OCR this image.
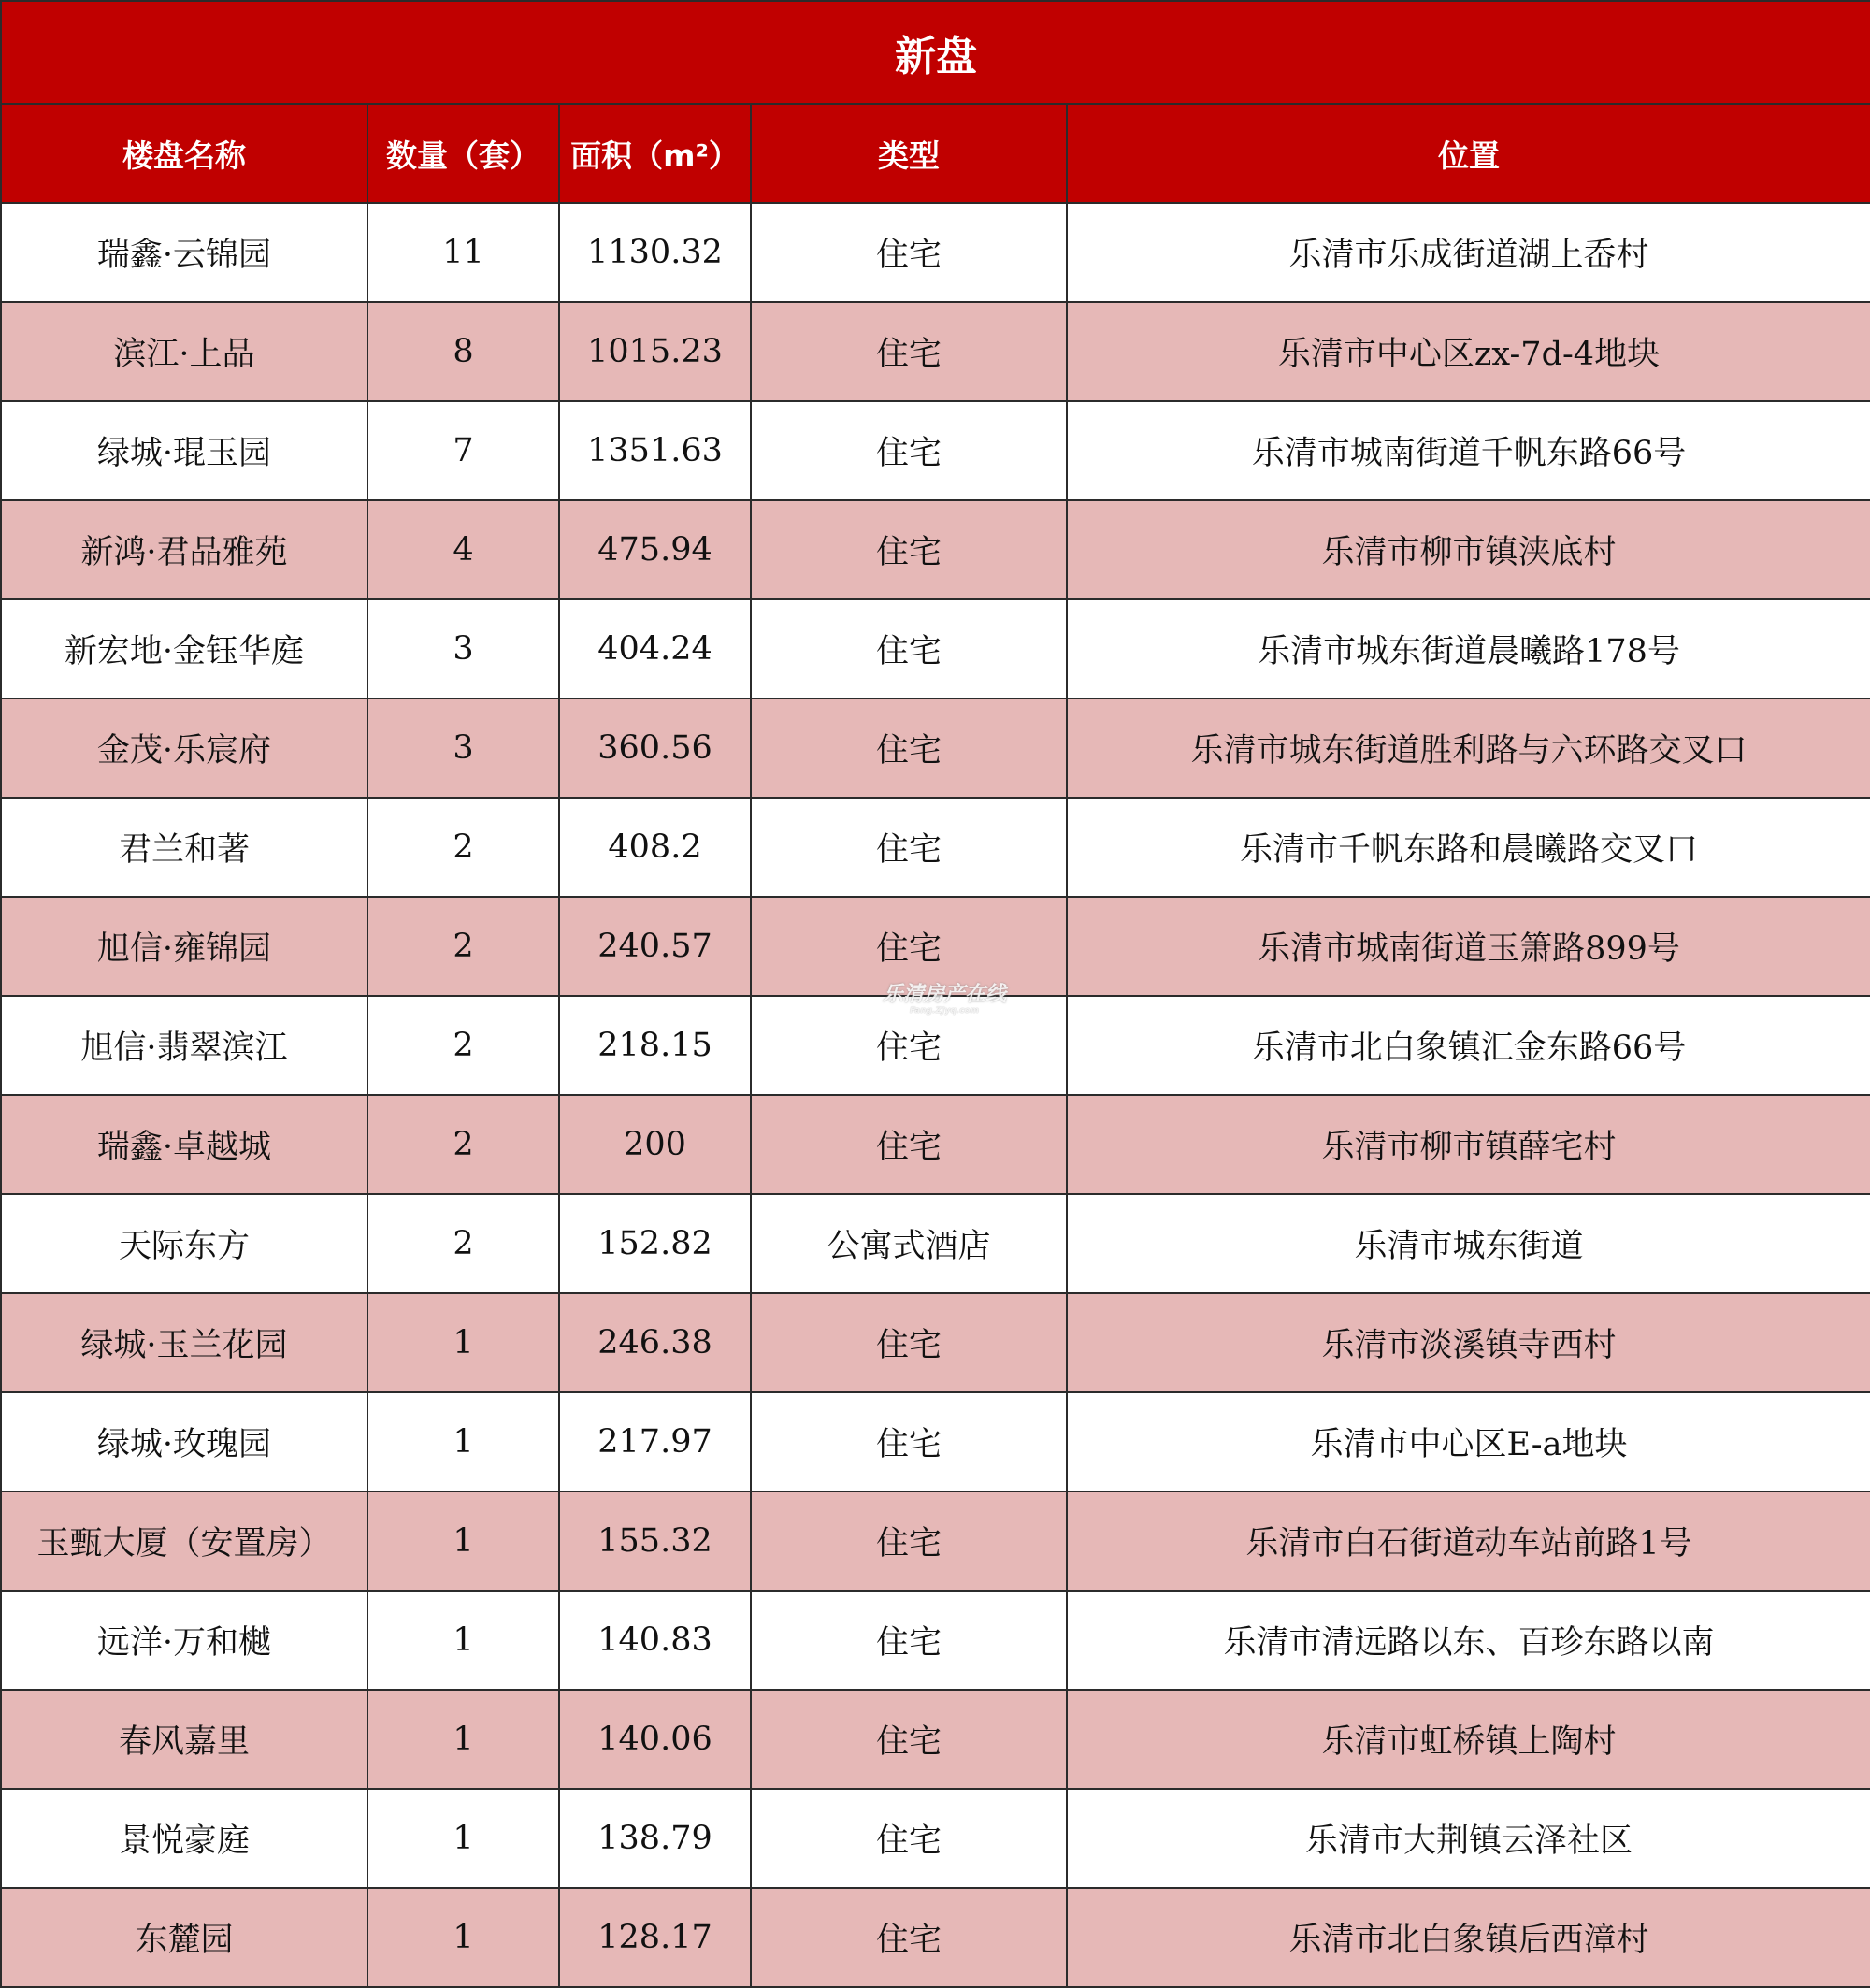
新盘				
楼盘名称	数量（套）	面积（m²）	类型	位置
瑞鑫·云锦园	11	1130.32	住宅	乐清市乐成街道湖上岙村
滨江·上品	8	1015.23	住宅	乐清市中心区zx-7d-4地块
绿城·琨玉园	7	1351.63	住宅	乐清市城南街道千帆东路66号
新鸿·君品雅苑	4	475.94	住宅	乐清市柳市镇浃底村
新宏地·金钰华庭	3	404.24	住宅	乐清市城东街道晨曦路178号
金茂·乐宸府	3	360.56	住宅	乐清市城东街道胜利路与六环路交叉口
君兰和著	2	408.2	住宅	乐清市千帆东路和晨曦路交叉口
旭信·雍锦园	2	240.57	住宅	乐清市城南街道玉箫路899号
旭信·翡翠滨江	2	218.15	住宅	乐清市北白象镇汇金东路66号
瑞鑫·卓越城	2	200	住宅	乐清市柳市镇薛宅村
天际东方	2	152.82	公寓式酒店	乐清市城东街道
绿城·玉兰花园	1	246.38	住宅	乐清市淡溪镇寺西村
绿城·玫瑰园	1	217.97	住宅	乐清市中心区E-a地块
玉甄大厦（安置房）	1	155.32	住宅	乐清市白石街道动车站前路1号
远洋·万和樾	1	140.83	住宅	乐清市清远路以东、百珍东路以南
春风嘉里	1	140.06	住宅	乐清市虹桥镇上陶村
景悦豪庭	1	138.79	住宅	乐清市大荆镇云泽社区
东麓园	1	128.17	住宅	乐清市北白象镇后西漳村
乐清房产在线
Fang.ZJyq.com
